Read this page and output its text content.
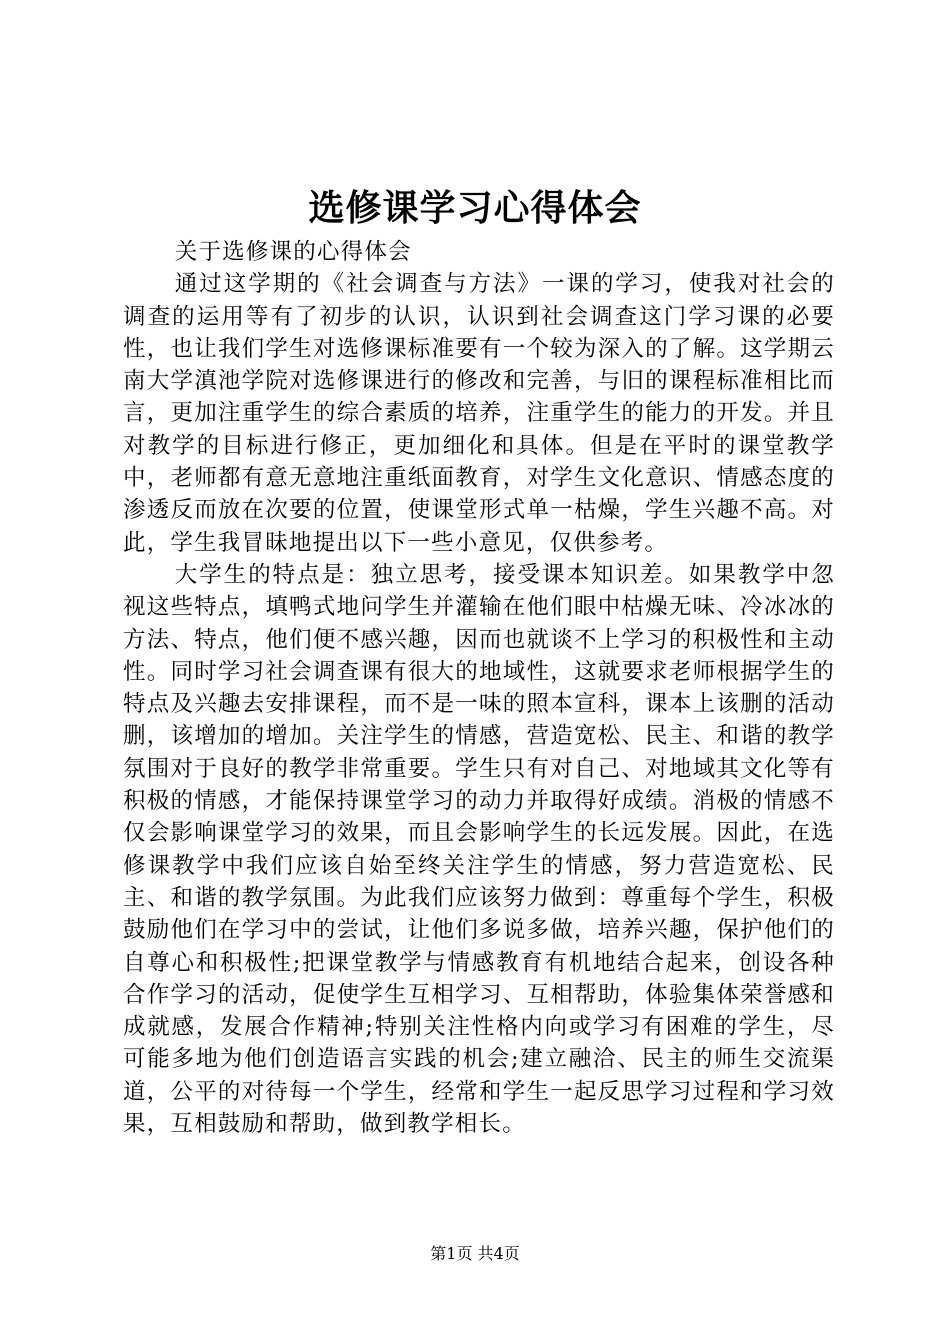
选修课学习心得体会

关于选修课的心得体会

通过这学期的《社会调查与方法》一课的学习，使我对社会的调查的运用等有了初步的认识，认识到社会调查这门学习课的必要性，也让我们学生对选修课标准要有一个较为深入的了解。这学期云南大学滇池学院对选修课进行的修改和完善，与旧的课程标准相比而言，更加注重学生的综合素质的培养，注重学生的能力的开发。并且对教学的目标进行修正，更加细化和具体。但是在平时的课堂教学中，老师都有意无意地注重纸面教育，对学生文化意识、情感态度的渗透反而放在次要的位置，使课堂形式单一枯燥，学生兴趣不高。对此，学生我冒昧地提出以下一些小意见，仅供参考。

大学生的特点是：独立思考，接受课本知识差。如果教学中忽视这些特点，填鸭式地问学生并灌输在他们眼中枯燥无味、冷冰冰的方法、特点，他们便不感兴趣，因而也就谈不上学习的积极性和主动性。同时学习社会调查课有很大的地域性，这就要求老师根据学生的特点及兴趣去安排课程，而不是一味的照本宣科，课本上该删的活动删，该增加的增加。关注学生的情感，营造宽松、民主、和谐的教学氛围对于良好的教学非常重要。学生只有对自己、对地域其文化等有积极的情感，才能保持课堂学习的动力并取得好成绩。消极的情感不仅会影响课堂学习的效果，而且会影响学生的长远发展。因此，在选修课教学中我们应该自始至终关注学生的情感，努力营造宽松、民主、和谐的教学氛围。为此我们应该努力做到：尊重每个学生，积极鼓励他们在学习中的尝试，让他们多说多做，培养兴趣，保护他们的自尊心和积极性;把课堂教学与情感教育有机地结合起来，创设各种合作学习的活动，促使学生互相学习、互相帮助，体验集体荣誉感和成就感，发展合作精神;特别关注性格内向或学习有困难的学生，尽可能多地为他们创造语言实践的机会;建立融洽、民主的师生交流渠道，公平的对待每一个学生，经常和学生一起反思学习过程和学习效果，互相鼓励和帮助，做到教学相长。

第1页 共4页
